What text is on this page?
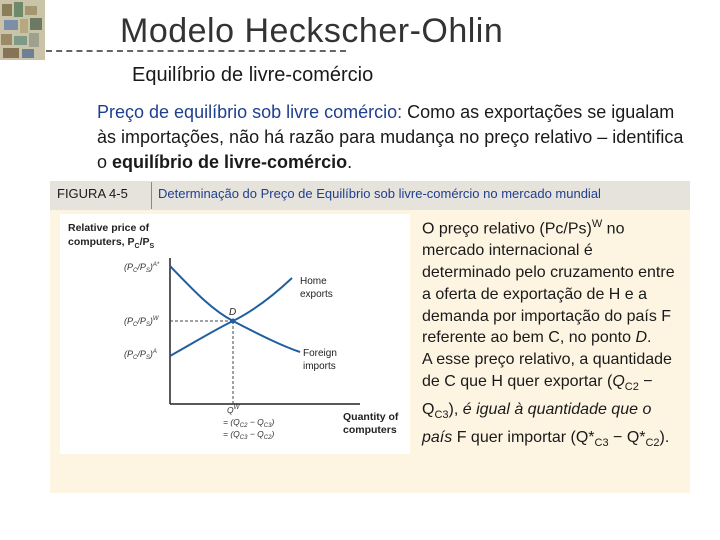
Modelo Heckscher-Ohlin
Equilíbrio de livre-comércio
Preço de equilíbrio sob livre comércio: Como as exportações se igualam às importações, não há razão para mudança no preço relativo – identifica o equilíbrio de livre-comércio.
FIGURA 4-5 Determinação do Preço de Equilíbrio sob livre-comércio no mercado mundial
Relative price of
computers, $P_C/P_S$
$(P_C/P_S)^{A*}$
$(P_C/P_S)^W$
$(P_C/P_S)^A$
D
Home
exports
Foreign
imports
$Q^W$
= $(Q_{C2} - Q_{C3})$
= $(Q_{C3} - Q_{C2})$
Quantity of
computers
O preço relativo $(Pc/Ps)^W$ no mercado internacional é determinado pelo cruzamento entre a oferta de exportação de H e a demanda por importação do país F referente ao bem C, no ponto D.
A esse preço relativo, a quantidade de C que H quer exportar $(Q_{C2} - Q_{C3})$, é igual à quantidade que o país F quer importar $(Q*_{C3} - Q*_{C2})$.
